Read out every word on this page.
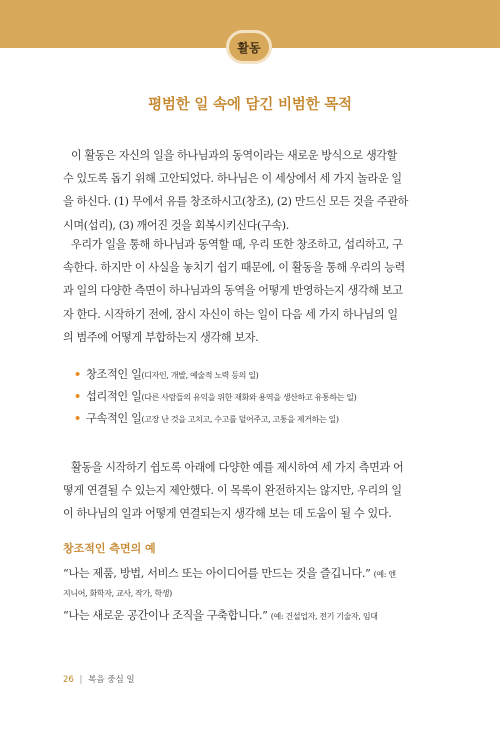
활동
평범한 일 속에 담긴 비범한 목적
이 활동은 자신의 일을 하나님과의 동역이라는 새로운 방식으로 생각할
수 있도록 돕기 위해 고안되었다. 하나님은 이 세상에서 세 가지 놀라운 일
을 하신다. (1) 무에서 유를 창조하시고(창조), (2) 만드신 모든 것을 주관하
시며(섭리), (3) 깨어진 것을 회복시키신다(구속).
우리가 일을 통해 하나님과 동역할 때, 우리 또한 창조하고, 섭리하고, 구
속한다. 하지만 이 사실을 놓치기 쉽기 때문에, 이 활동을 통해 우리의 능력
과 일의 다양한 측면이 하나님과의 동역을 어떻게 반영하는지 생각해 보고
자 한다. 시작하기 전에, 잠시 자신이 하는 일이 다음 세 가지 하나님의 일
의 범주에 어떻게 부합하는지 생각해 보자.
• 창조적인 일(디자인, 개발, 예술적 노력 등의 일)
• 섭리적인 일(다른 사람들의 유익을 위한 재화와 용역을 생산하고 유통하는 일)
• 구속적인 일(고장 난 것을 고치고, 수고를 덜어주고, 고통을 제거하는 일)
활동을 시작하기 쉽도록 아래에 다양한 예를 제시하여 세 가지 측면과 어
떻게 연결될 수 있는지 제안했다. 이 목록이 완전하지는 않지만, 우리의 일
이 하나님의 일과 어떻게 연결되는지 생각해 보는 데 도움이 될 수 있다.
창조적인 측면의 예
“나는 제품, 방법, 서비스 또는 아이디어를 만드는 것을 즐깁니다.” (예: 엔
지니어, 화학자, 교사, 작가, 학생)
“나는 새로운 공간이나 조직을 구축합니다.” (예: 건설업자, 전기 기술자, 임대
26 | 복음 중심 일
